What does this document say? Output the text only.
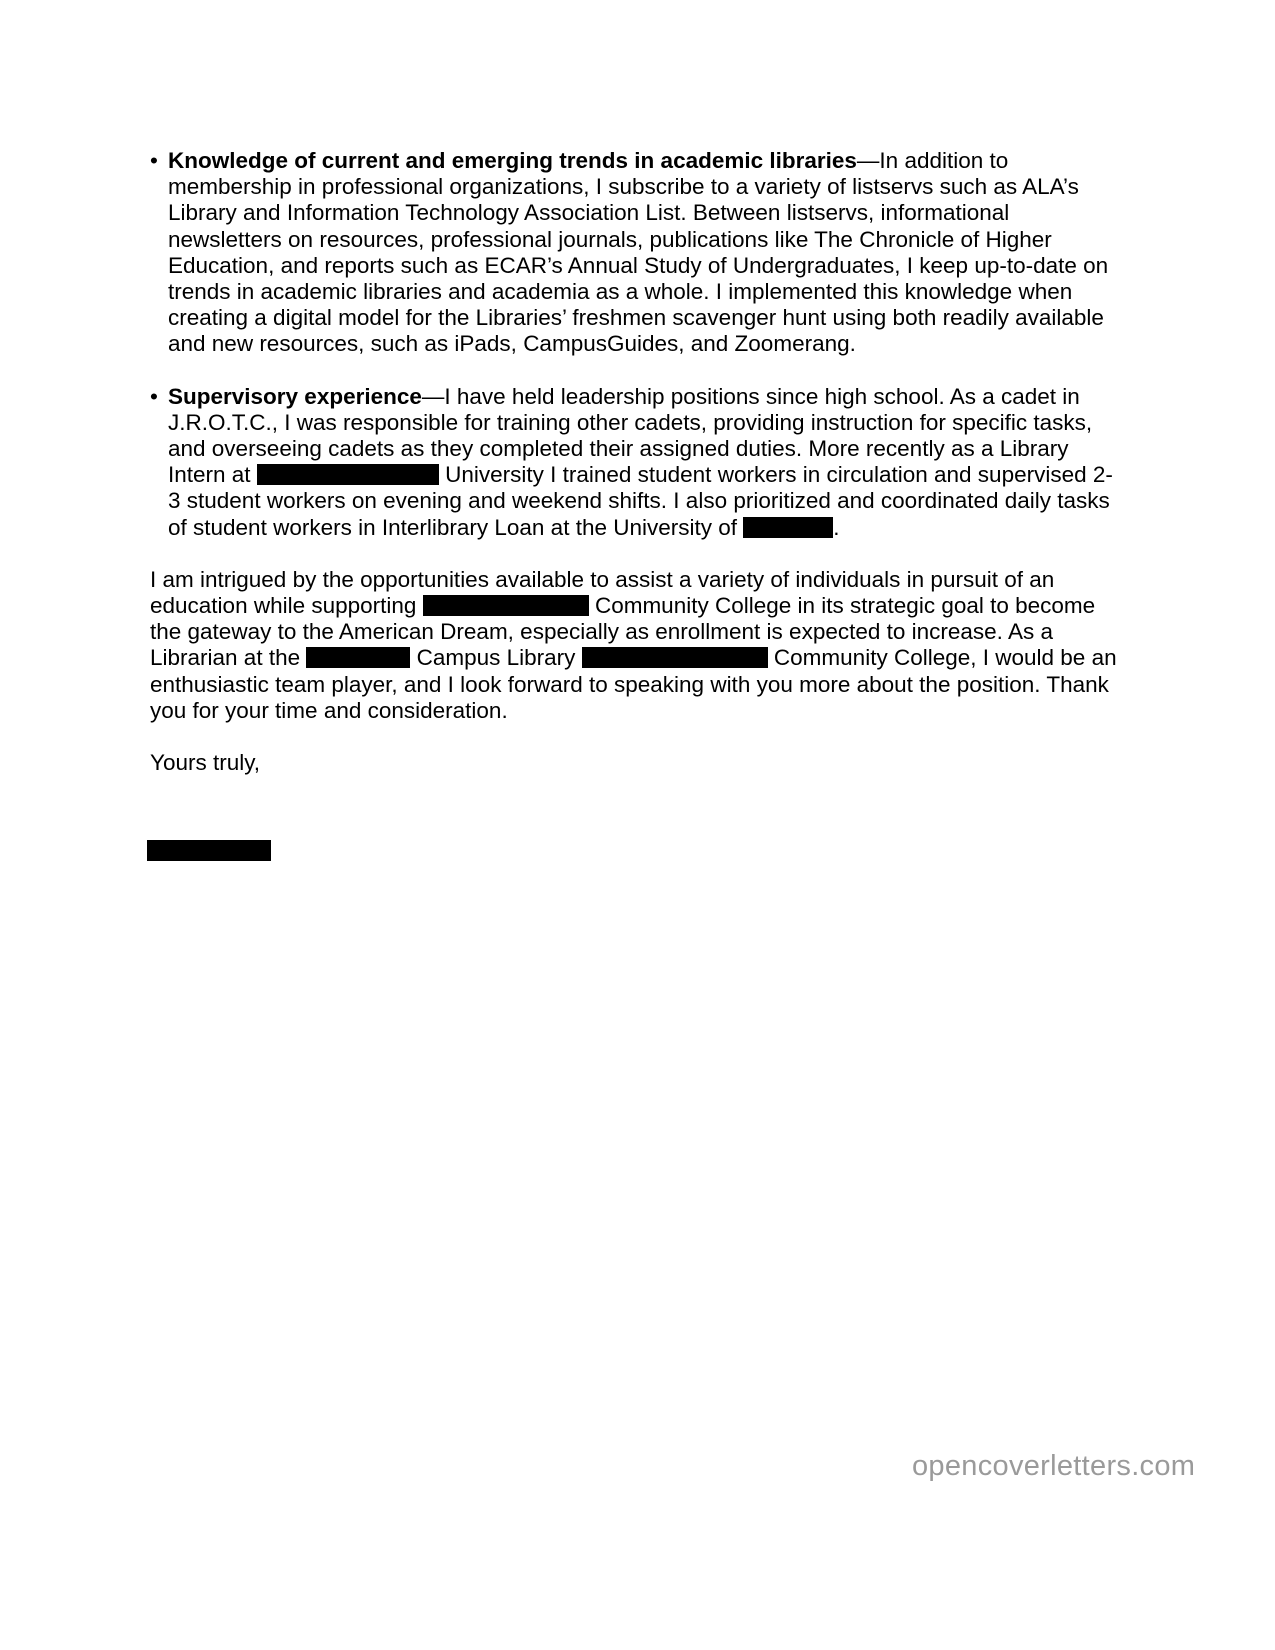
• Knowledge of current and emerging trends in academic libraries—In addition to membership in professional organizations, I subscribe to a variety of listservs such as ALA’s Library and Information Technology Association List. Between listservs, informational newsletters on resources, professional journals, publications like The Chronicle of Higher Education, and reports such as ECAR’s Annual Study of Undergraduates, I keep up-to-date on trends in academic libraries and academia as a whole. I implemented this knowledge when creating a digital model for the Libraries’ freshmen scavenger hunt using both readily available and new resources, such as iPads, CampusGuides, and Zoomerang.
• Supervisory experience—I have held leadership positions since high school. As a cadet in J.R.O.T.C., I was responsible for training other cadets, providing instruction for specific tasks, and overseeing cadets as they completed their assigned duties. More recently as a Library Intern at	University I trained student workers in circulation and supervised 2-3 student workers on evening and weekend shifts. I also prioritized and coordinated daily tasks of student workers in Interlibrary Loan at the University of	.

I am intrigued by the opportunities available to assist a variety of individuals in pursuit of an education while supporting	Community College in its strategic goal to become the gateway to the American Dream, especially as enrollment is expected to increase. As a Librarian at the	Campus Library	Community College, I would be an enthusiastic team player, and I look forward to speaking with you more about the position. Thank you for your time and consideration.

Yours truly,

opencoverletters.com
